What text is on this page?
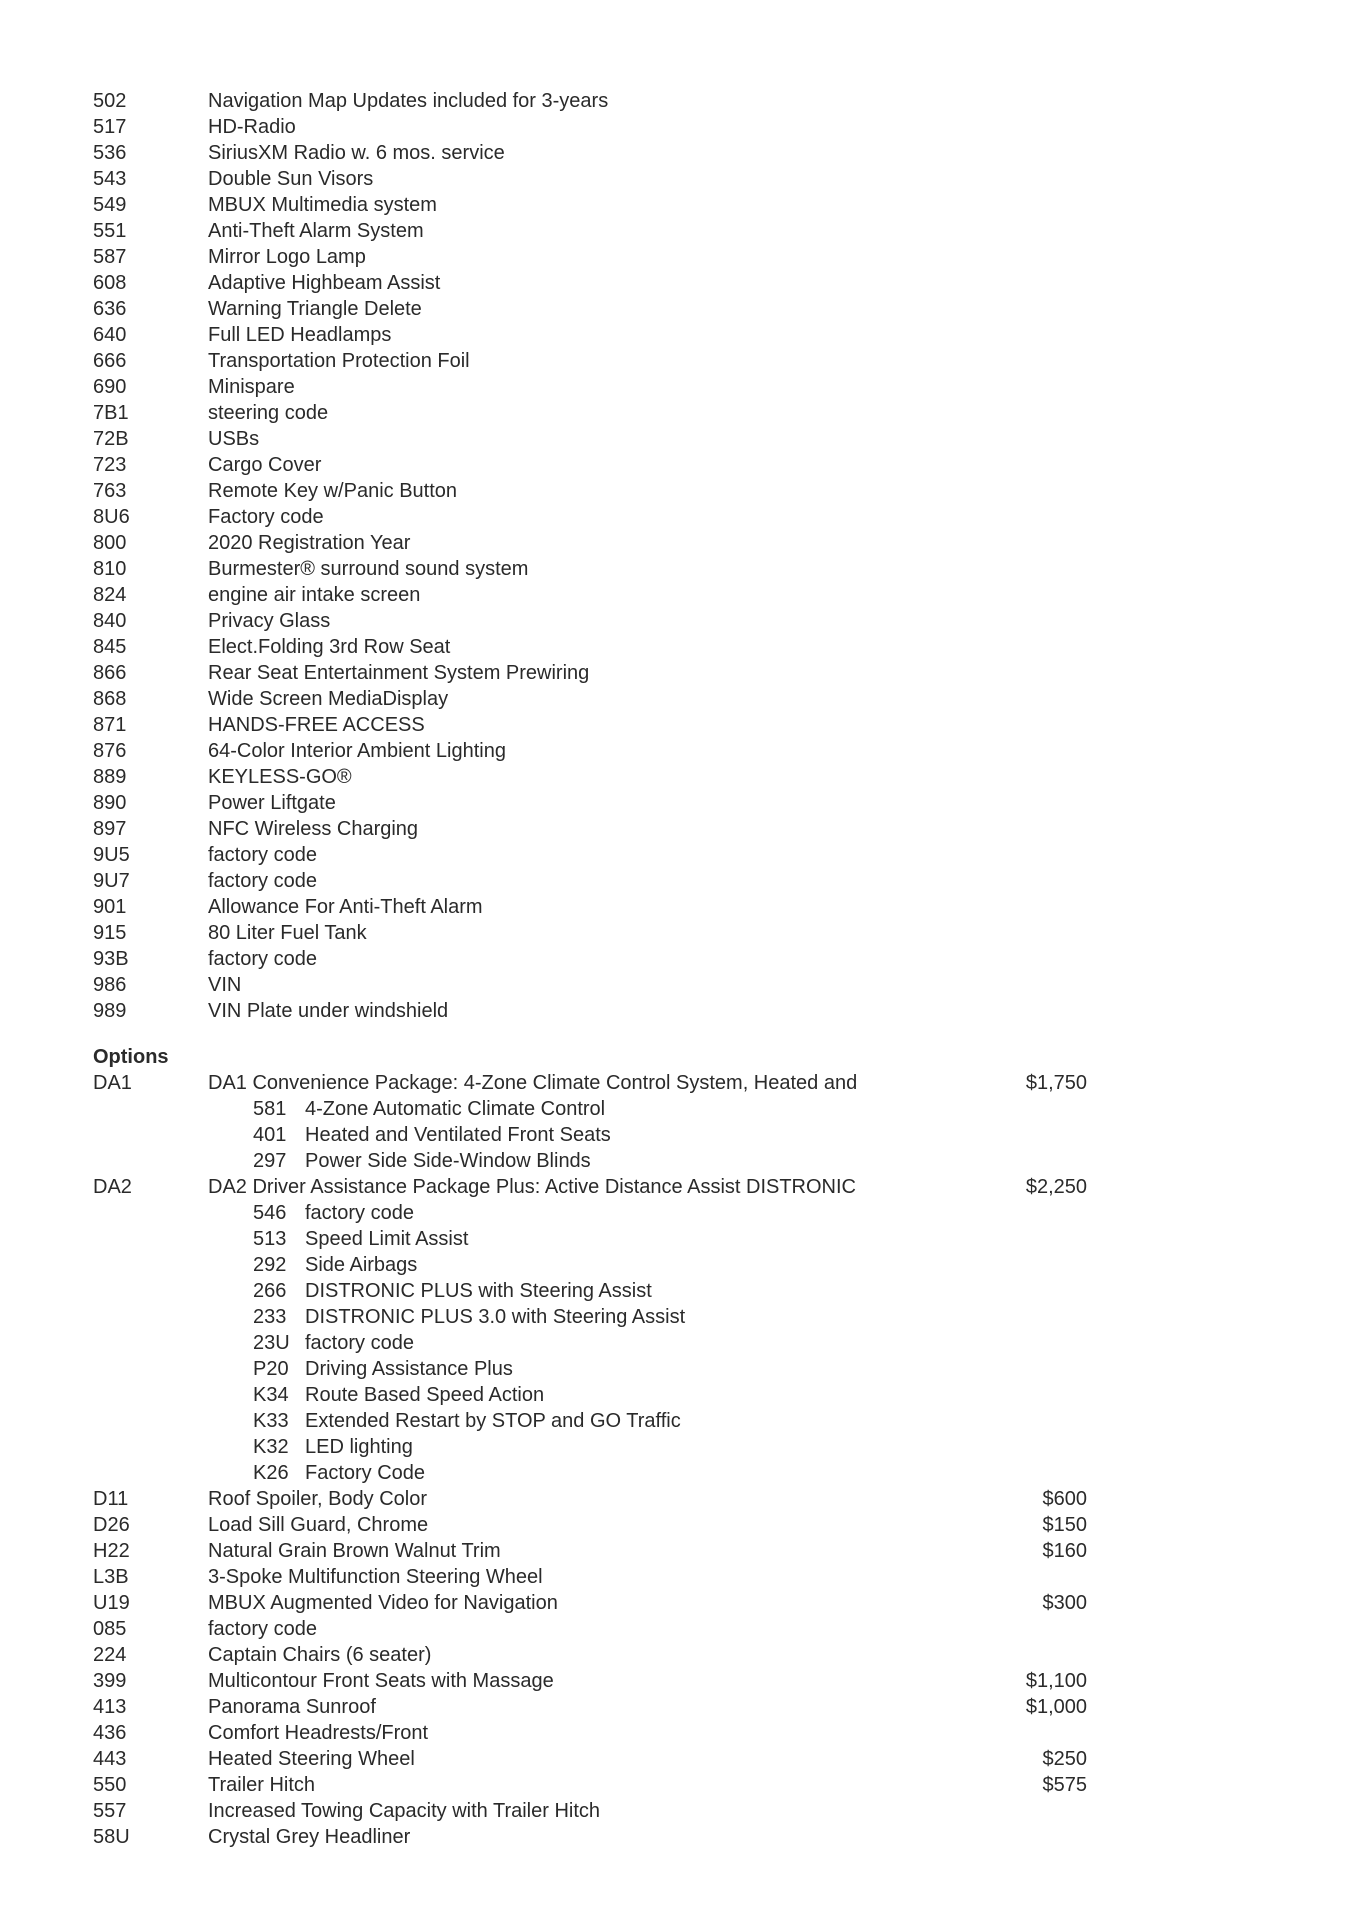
502	Navigation Map Updates included for 3-years
517	HD-Radio
536	SiriusXM Radio w. 6 mos. service
543	Double Sun Visors
549	MBUX Multimedia system
551	Anti-Theft Alarm System
587	Mirror Logo Lamp
608	Adaptive Highbeam Assist
636	Warning Triangle Delete
640	Full LED Headlamps
666	Transportation Protection Foil
690	Minispare
7B1	steering code
72B	USBs
723	Cargo Cover
763	Remote Key w/Panic Button
8U6	Factory code
800	2020 Registration Year
810	Burmester® surround sound system
824	engine air intake screen
840	Privacy Glass
845	Elect.Folding 3rd Row Seat
866	Rear Seat Entertainment System Prewiring
868	Wide Screen MediaDisplay
871	HANDS-FREE ACCESS
876	64-Color Interior Ambient Lighting
889	KEYLESS-GO®
890	Power Liftgate
897	NFC Wireless Charging
9U5	factory code
9U7	factory code
901	Allowance For Anti-Theft Alarm
915	80 Liter Fuel Tank
93B	factory code
986	VIN
989	VIN Plate under windshield
Options
DA1	DA1 Convenience Package: 4-Zone Climate Control System, Heated and	$1,750
581 4-Zone Automatic Climate Control
401 Heated and Ventilated Front Seats
297 Power Side Side-Window Blinds
DA2	DA2 Driver Assistance Package Plus: Active Distance Assist DISTRONIC	$2,250
546 factory code
513 Speed Limit Assist
292 Side Airbags
266 DISTRONIC PLUS with Steering Assist
233 DISTRONIC PLUS 3.0 with Steering Assist
23U factory code
P20 Driving Assistance Plus
K34 Route Based Speed Action
K33 Extended Restart by STOP and GO Traffic
K32 LED lighting
K26 Factory Code
D11	Roof Spoiler, Body Color	$600
D26	Load Sill Guard, Chrome	$150
H22	Natural Grain Brown Walnut Trim	$160
L3B	3-Spoke Multifunction Steering Wheel
U19	MBUX Augmented Video for Navigation	$300
085	factory code
224	Captain Chairs (6 seater)
399	Multicontour Front Seats with Massage	$1,100
413	Panorama Sunroof	$1,000
436	Comfort Headrests/Front
443	Heated Steering Wheel	$250
550	Trailer Hitch	$575
557	Increased Towing Capacity with Trailer Hitch
58U	Crystal Grey Headliner
